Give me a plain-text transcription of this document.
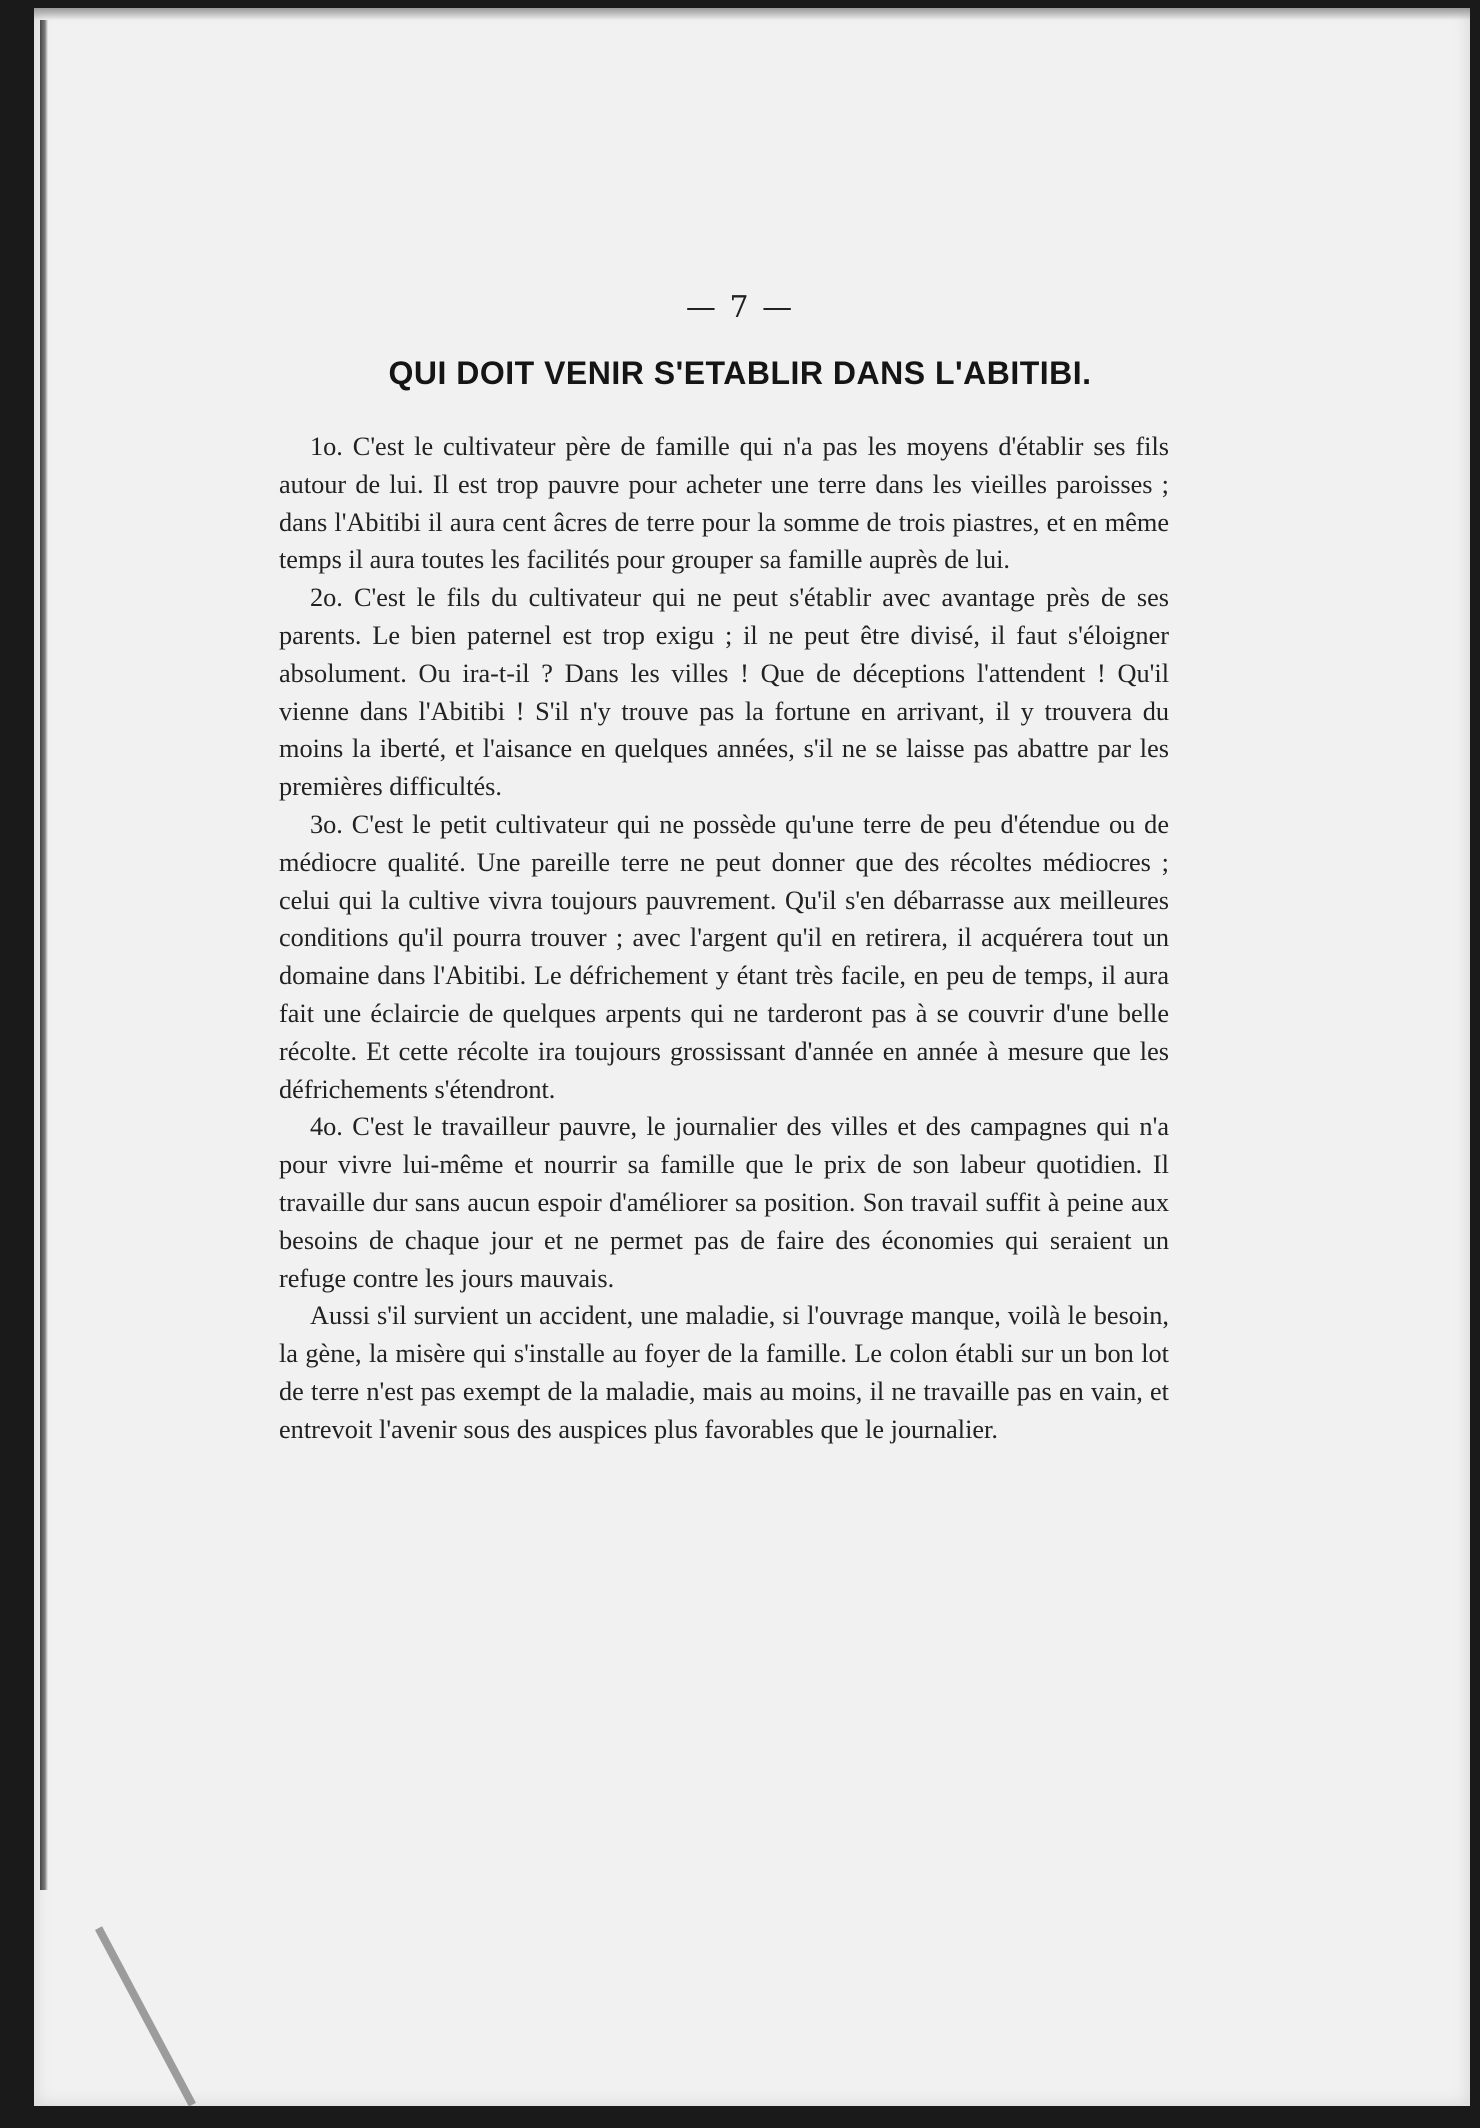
— 7 —
QUI DOIT VENIR S'ETABLIR DANS L'ABITIBI.

1o. C'est le cultivateur père de famille qui n'a pas les moyens d'établir ses fils autour de lui. Il est trop pauvre pour acheter une terre dans les vieilles paroisses ; dans l'Abitibi il aura cent âcres de terre pour la somme de trois piastres, et en même temps il aura toutes les facilités pour grouper sa famille auprès de lui.

2o. C'est le fils du cultivateur qui ne peut s'établir avec avantage près de ses parents. Le bien paternel est trop exigu ; il ne peut être divisé, il faut s'éloigner absolument. Ou ira-t-il ? Dans les villes ! Que de déceptions l'attendent ! Qu'il vienne dans l'Abitibi ! S'il n'y trouve pas la fortune en arrivant, il y trouvera du moins la iberté, et l'aisance en quelques années, s'il ne se laisse pas abattre par les premières difficultés.

3o. C'est le petit cultivateur qui ne possède qu'une terre de peu d'étendue ou de médiocre qualité. Une pareille terre ne peut donner que des récoltes médiocres ; celui qui la cultive vivra toujours pauvrement. Qu'il s'en débarrasse aux meilleures conditions qu'il pourra trouver ; avec l'argent qu'il en retirera, il acquérera tout un domaine dans l'Abitibi. Le défrichement y étant très facile, en peu de temps, il aura fait une éclaircie de quelques arpents qui ne tarderont pas à se couvrir d'une belle récolte. Et cette récolte ira toujours grossissant d'année en année à mesure que les défrichements s'étendront.

4o. C'est le travailleur pauvre, le journalier des villes et des campagnes qui n'a pour vivre lui-même et nourrir sa famille que le prix de son labeur quotidien. Il travaille dur sans aucun espoir d'améliorer sa position. Son travail suffit à peine aux besoins de chaque jour et ne permet pas de faire des économies qui seraient un refuge contre les jours mauvais.

Aussi s'il survient un accident, une maladie, si l'ouvrage manque, voilà le besoin, la gène, la misère qui s'installe au foyer de la famille. Le colon établi sur un bon lot de terre n'est pas exempt de la maladie, mais au moins, il ne travaille pas en vain, et entrevoit l'avenir sous des auspices plus favorables que le journalier.
